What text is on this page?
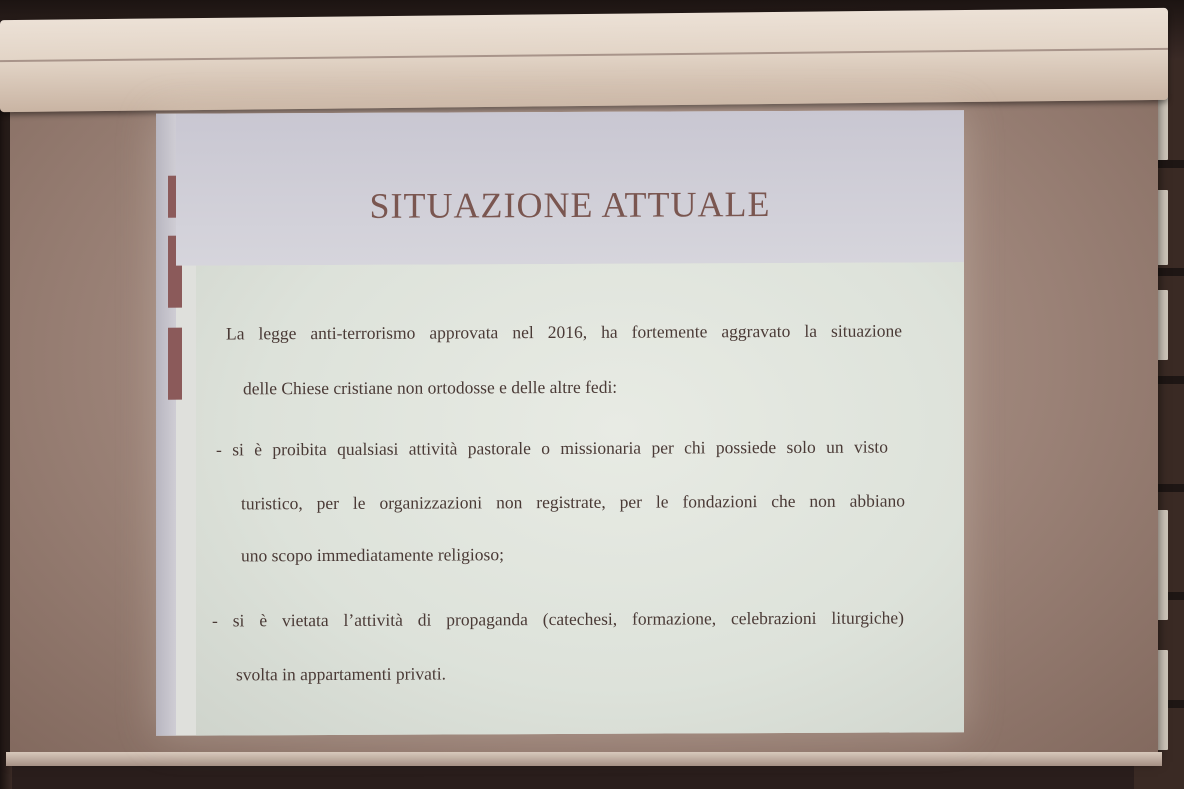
SITUAZIONE ATTUALE
La legge anti-terrorismo approvata nel 2016, ha fortemente aggravato la situazione
delle Chiese cristiane non ortodosse e delle altre fedi:
- si è proibita qualsiasi attività pastorale o missionaria per chi possiede solo un visto
turistico, per le organizzazioni non registrate, per le fondazioni che non abbiano
uno scopo immediatamente religioso;
- si è vietata l’attività di propaganda (catechesi, formazione, celebrazioni liturgiche)
svolta in appartamenti privati.
